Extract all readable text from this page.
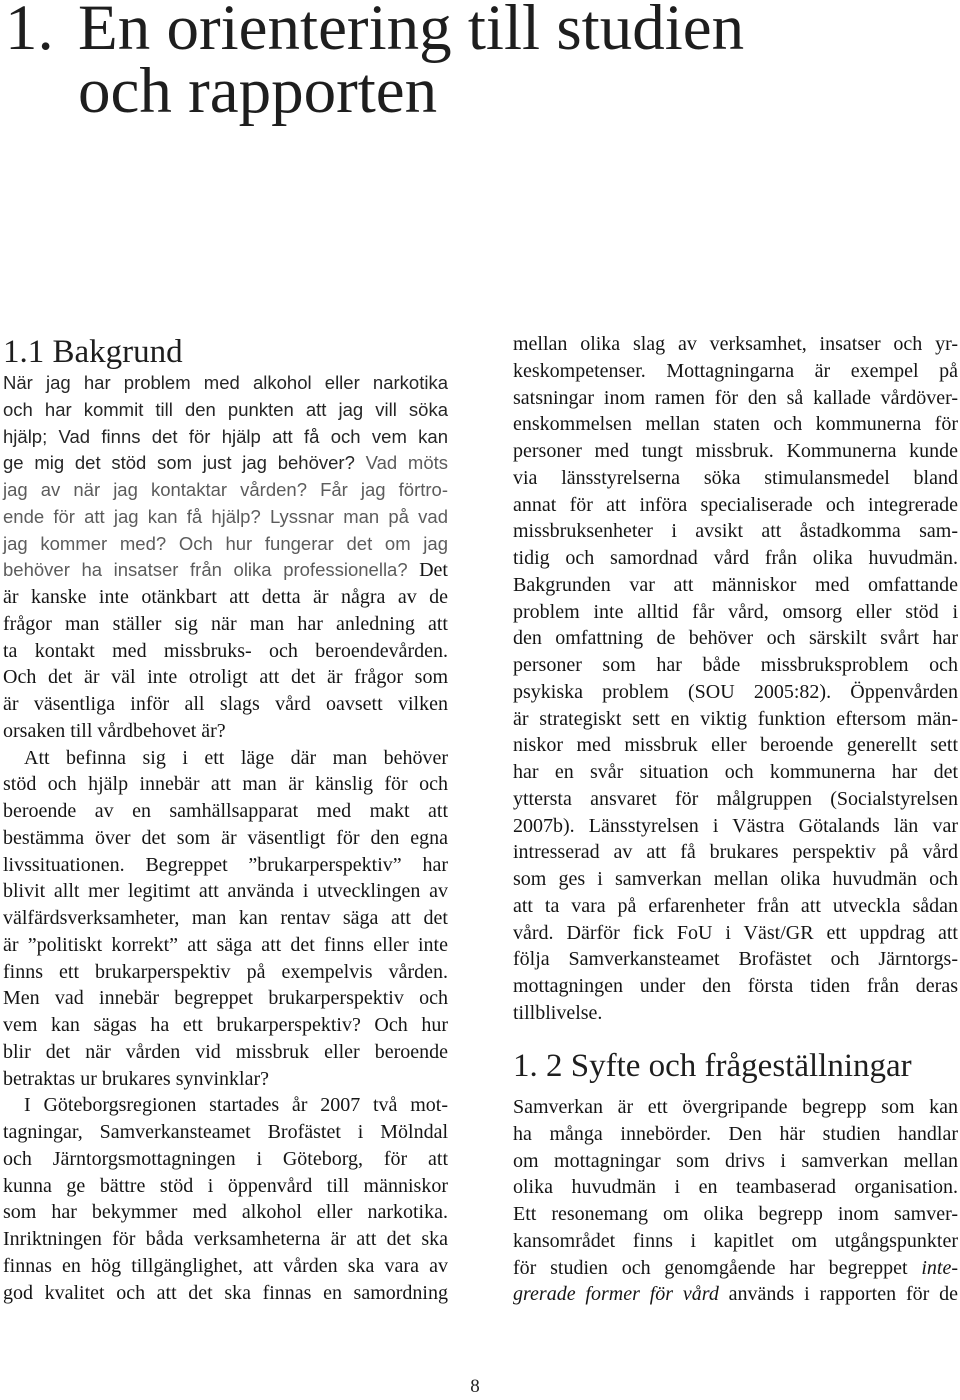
1. En orientering till studien
och rapporten
1.1 Bakgrund
När jag har problem med alkohol eller narkotika
och har kommit till den punkten att jag vill söka
hjälp; Vad finns det för hjälp att få och vem kan
ge mig det stöd som just jag behöver? Vad möts
jag av när jag kontaktar vården? Får jag förtro-
ende för att jag kan få hjälp? Lyssnar man på vad
jag kommer med? Och hur fungerar det om jag
behöver ha insatser från olika professionella? Det
är kanske inte otänkbart att detta är några av de
frågor man ställer sig när man har anledning att
ta kontakt med missbruks- och beroendevården.
Och det är väl inte otroligt att det är frågor som
är väsentliga inför all slags vård oavsett vilken
orsaken till vårdbehovet är?
Att befinna sig i ett läge där man behöver
stöd och hjälp innebär att man är känslig för och
beroende av en samhällsapparat med makt att
bestämma över det som är väsentligt för den egna
livssituationen. Begreppet ”brukarperspektiv” har
blivit allt mer legitimt att använda i utvecklingen av
välfärdsverksamheter, man kan rentav säga att det
är ”politiskt korrekt” att säga att det finns eller inte
finns ett brukarperspektiv på exempelvis vården.
Men vad innebär begreppet brukarperspektiv och
vem kan sägas ha ett brukarperspektiv? Och hur
blir det när vården vid missbruk eller beroende
betraktas ur brukares synvinklar?
I Göteborgsregionen startades år 2007 två mot-
tagningar, Samverkansteamet Brofästet i Mölndal
och Järntorgsmottagningen i Göteborg, för att
kunna ge bättre stöd i öppenvård till människor
som har bekymmer med alkohol eller narkotika.
Inriktningen för båda verksamheterna är att det ska
finnas en hög tillgänglighet, att vården ska vara av
god kvalitet och att det ska finnas en samordning
mellan olika slag av verksamhet, insatser och yr-
keskompetenser. Mottagningarna är exempel på
satsningar inom ramen för den så kallade vårdöver-
enskommelsen mellan staten och kommunerna för
personer med tungt missbruk. Kommunerna kunde
via länsstyrelserna söka stimulansmedel bland
annat för att införa specialiserade och integrerade
missbruksenheter i avsikt att åstadkomma sam-
tidig och samordnad vård från olika huvudmän.
Bakgrunden var att människor med omfattande
problem inte alltid får vård, omsorg eller stöd i
den omfattning de behöver och särskilt svårt har
personer som har både missbruksproblem och
psykiska problem (SOU 2005:82). Öppenvården
är strategiskt sett en viktig funktion eftersom män-
niskor med missbruk eller beroende generellt sett
har en svår situation och kommunerna har det
yttersta ansvaret för målgruppen (Socialstyrelsen
2007b). Länsstyrelsen i Västra Götalands län var
intresserad av att få brukares perspektiv på vård
som ges i samverkan mellan olika huvudmän och
att ta vara på erfarenheter från att utveckla sådan
vård. Därför fick FoU i Väst/GR ett uppdrag att
följa Samverkansteamet Brofästet och Järntorgs-
mottagningen under den första tiden från deras
tillblivelse.
1. 2 Syfte och frågeställningar
Samverkan är ett övergripande begrepp som kan
ha många innebörder. Den här studien handlar
om mottagningar som drivs i samverkan mellan
olika huvudmän i en teambaserad organisation.
Ett resonemang om olika begrepp inom samver-
kansområdet finns i kapitlet om utgångspunkter
för studien och genomgående har begreppet inte-
grerade former för vård används i rapporten för de
8
